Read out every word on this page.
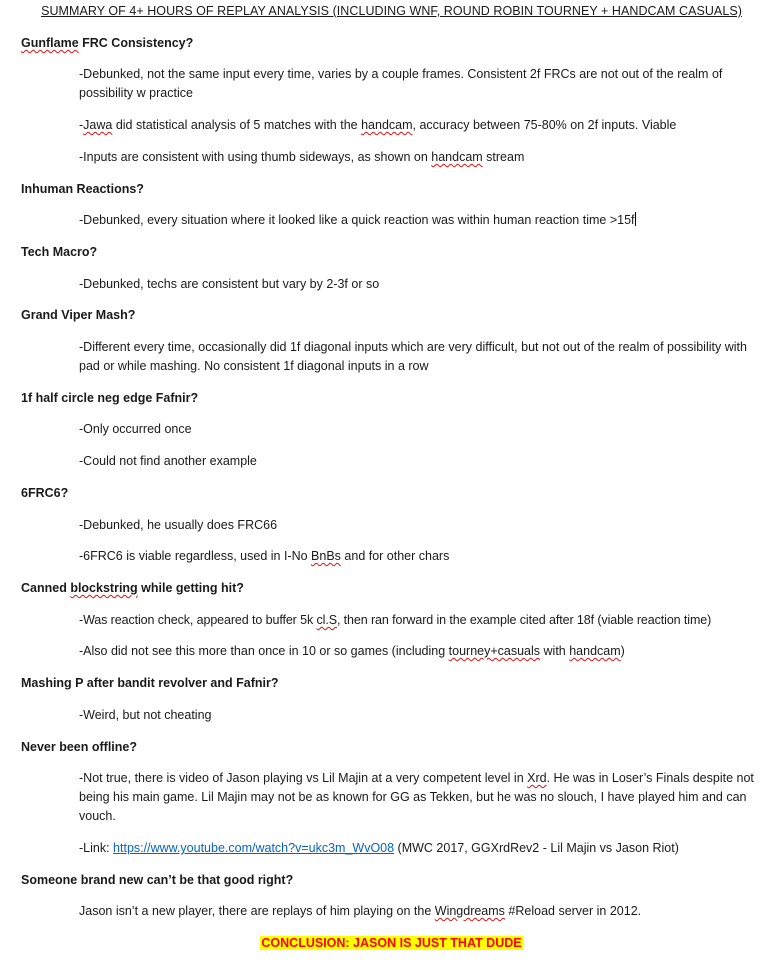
SUMMARY OF 4+ HOURS OF REPLAY ANALYSIS (INCLUDING WNF, ROUND ROBIN TOURNEY + HANDCAM CASUALS)
Gunflame FRC Consistency?
-Debunked, not the same input every time, varies by a couple frames. Consistent 2f FRCs are not out of the realm of possibility w practice
-Jawa did statistical analysis of 5 matches with the handcam, accuracy between 75-80% on 2f inputs. Viable
-Inputs are consistent with using thumb sideways, as shown on handcam stream
Inhuman Reactions?
-Debunked, every situation where it looked like a quick reaction was within human reaction time >15f
Tech Macro?
-Debunked, techs are consistent but vary by 2-3f or so
Grand Viper Mash?
-Different every time, occasionally did 1f diagonal inputs which are very difficult, but not out of the realm of possibility with pad or while mashing. No consistent 1f diagonal inputs in a row
1f half circle neg edge Fafnir?
-Only occurred once
-Could not find another example
6FRC6?
-Debunked, he usually does FRC66
-6FRC6 is viable regardless, used in I-No BnBs and for other chars
Canned blockstring while getting hit?
-Was reaction check, appeared to buffer 5k cl.S, then ran forward in the example cited after 18f (viable reaction time)
-Also did not see this more than once in 10 or so games (including tourney+casuals with handcam)
Mashing P after bandit revolver and Fafnir?
-Weird, but not cheating
Never been offline?
-Not true, there is video of Jason playing vs Lil Majin at a very competent level in Xrd. He was in Loser’s Finals despite not being his main game. Lil Majin may not be as known for GG as Tekken, but he was no slouch, I have played him and can vouch.
-Link: https://www.youtube.com/watch?v=ukc3m_WvO08 (MWC 2017, GGXrdRev2 - Lil Majin vs Jason Riot)
Someone brand new can’t be that good right?
Jason isn’t a new player, there are replays of him playing on the Wingdreams #Reload server in 2012.
CONCLUSION: JASON IS JUST THAT DUDE
